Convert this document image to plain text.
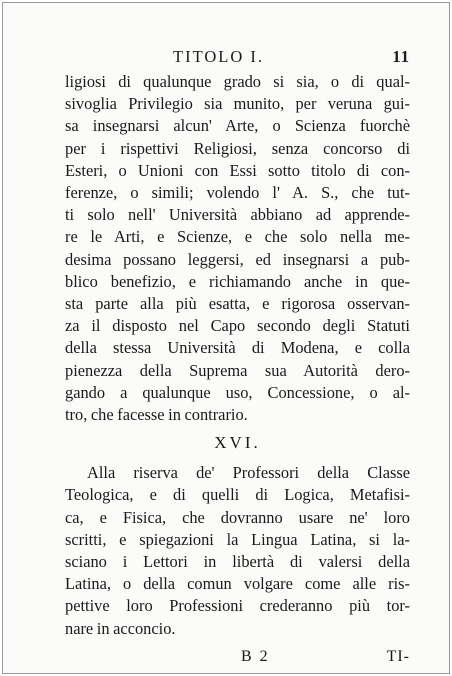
TITOLO I.	11
ligiosi di qualunque grado si sia, o di qual-
sivoglia Privilegio sia munito, per veruna gui-
sa insegnarsi alcun' Arte, o Scienza fuorchè
per i rispettivi Religiosi, senza concorso di
Esteri, o Unioni con Essi sotto titolo di con-
ferenze, o simili; volendo l' A. S., che tut-
ti solo nell' Università abbiano ad apprende-
re le Arti, e Scienze, e che solo nella me-
desima possano leggersi, ed insegnarsi a pub-
blico benefizio, e richiamando anche in que-
sta parte alla più esatta, e rigorosa osservan-
za il disposto nel Capo secondo degli Statuti
della stessa Università di Modena, e colla
pienezza della Suprema sua Autorità dero-
gando a qualunque uso, Concessione, o al-
tro, che facesse in contrario.
XVI.
Alla riserva de' Professori della Classe
Teologica, e di quelli di Logica, Metafisi-
ca, e Fisica, che dovranno usare ne' loro
scritti, e spiegazioni la Lingua Latina, si la-
sciano i Lettori in libertà di valersi della
Latina, o della comun volgare come alle ris-
pettive loro Professioni crederanno più tor-
nare in acconcio.
B 2	TI-
